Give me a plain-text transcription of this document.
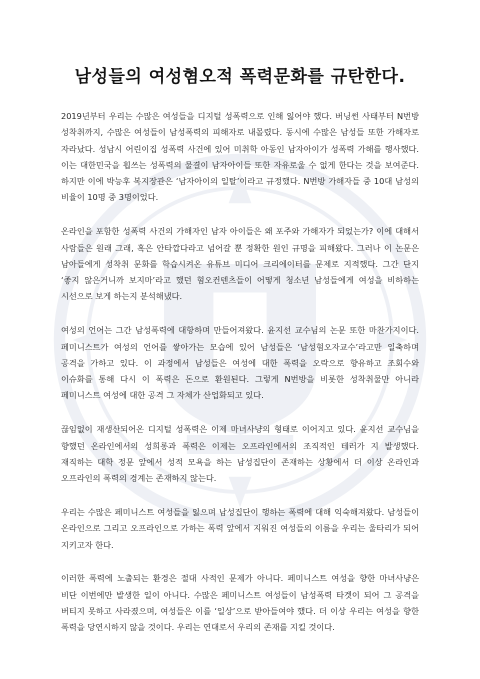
남성들의 여성혐오적 폭력문화를 규탄한다.

2019년부터 우리는 수많은 여성들을 디지털 성폭력으로 인해 잃어야 했다. 버닝썬 사태부터 N번방 성착취까지, 수많은 여성들이 남성폭력의 피해자로 내몰렸다. 동시에 수많은 남성들 또한 가해자로 자라났다. 성남시 어린이집 성폭력 사건에 있어 미취학 아동인 남자아이가 성폭력 가해를 행사했다. 이는 대한민국을 휩쓰는 성폭력의 물결이 남자아이들 또한 자유로울 수 없게 한다는 것을 보여준다. 하지만 이에 박능후 복지장관은 ‘남자아이의 일탈’이라고 규정했다. N번방 가해자들 중 10대 남성의 비율이 10명 중 3명이었다.

온라인을 포함한 성폭력 사건의 가해자인 남자 아이들은 왜 포주와 가해자가 되었는가? 이에 대해서 사람들은 원래 그래, 혹은 안타깝다라고 넘어갈 뿐 정확한 원인 규명을 피해왔다. 그러나 이 논문은 남아들에게 성착취 문화를 학습시켜온 유튜브 미디어 크리에이터를 문제로 지적했다. 그간 단지 ‘좋지 않은거니까 보지마’라고 했던 혐오컨텐츠들이 어떻게 청소년 남성들에게 여성을 비하하는 시선으로 보게 하는지 분석해냈다.

여성의 언어는 그간 남성폭력에 대항하며 만들어져왔다. 윤지선 교수님의 논문 또한 마찬가지이다. 페미니스트가 여성의 언어를 쌓아가는 모습에 있어 남성들은 ‘남성혐오자교수’라고만 일축하며 공격을 가하고 있다. 이 과정에서 남성들은 여성에 대한 폭력을 오락으로 향유하고 조회수와 이슈화를 통해 다시 이 폭력은 돈으로 환원된다. 그렇게 N번방을 비롯한 성착취물만 아니라 페미니스트 여성에 대한 공격 그 자체가 산업화되고 있다.

끊임없이 재생산되어온 디지털 성폭력은 이제 마녀사냥의 형태로 이어지고 있다. 윤지선 교수님을 향했던 온라인에서의 성희롱과 폭력은 이제는 오프라인에서의 조직적인 테러가 지 발생했다. 재직하는 대학 정문 앞에서 성적 모욕을 하는 남성집단이 존재하는 상황에서 더 이상 온라인과 오프라인의 폭력의 경계는 존재하지 않는다.

우리는 수많은 페미니스트 여성들을 잃으며 남성집단이 행하는 폭력에 대해 익숙해져왔다. 남성들이 온라인으로 그리고 오프라인으로 가하는 폭력 앞에서 지워진 여성들의 이름을 우리는 울타리가 되어 지키고자 한다.

이러한 폭력에 노출되는 환경은 절대 사적인 문제가 아니다. 페미니스트 여성을 향한 마녀사냥은 비단 이번에만 발생한 일이 아니다. 수많은 페미니스트 여성들이 남성폭력 타겟이 되어 그 공격을 버티지 못하고 사라졌으며, 여성들은 이를 ‘일상’으로 받아들여야 했다. 더 이상 우리는 여성을 향한 폭력을 당연시하지 않을 것이다. 우리는 연대로서 우리의 존재를 지킬 것이다.
